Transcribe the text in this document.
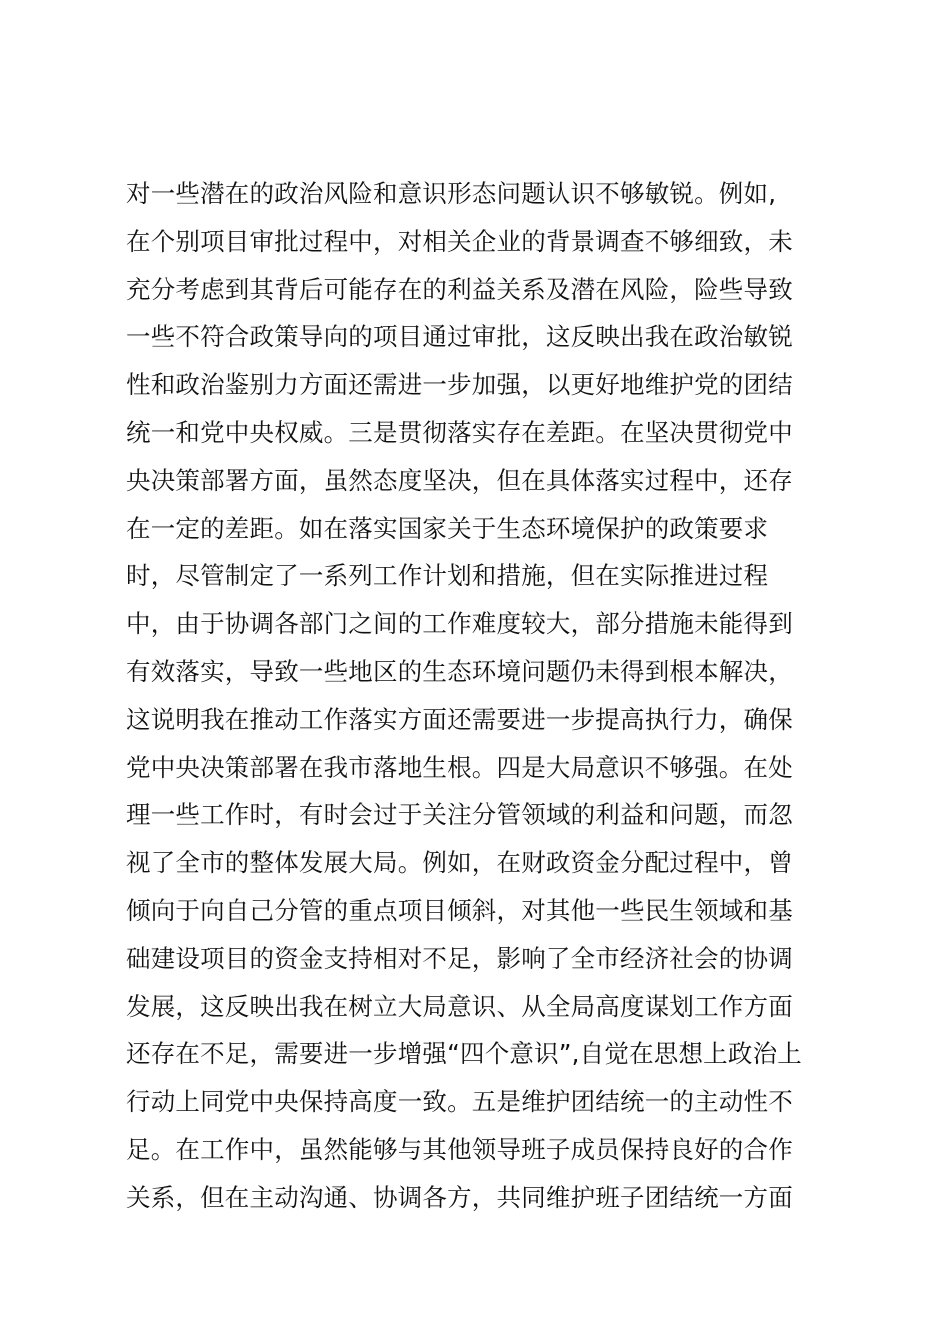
对一些潜在的政治风险和意识形态问题认识不够敏锐。例如,
在个别项目审批过程中，对相关企业的背景调查不够细致，未
充分考虑到其背后可能存在的利益关系及潜在风险，险些导致
一些不符合政策导向的项目通过审批，这反映出我在政治敏锐
性和政治鉴别力方面还需进一步加强，以更好地维护党的团结
统一和党中央权威。三是贯彻落实存在差距。在坚决贯彻党中
央决策部署方面，虽然态度坚决，但在具体落实过程中，还存
在一定的差距。如在落实国家关于生态环境保护的政策要求
时，尽管制定了一系列工作计划和措施，但在实际推进过程
中，由于协调各部门之间的工作难度较大，部分措施未能得到
有效落实，导致一些地区的生态环境问题仍未得到根本解决，
这说明我在推动工作落实方面还需要进一步提高执行力，确保
党中央决策部署在我市落地生根。四是大局意识不够强。在处
理一些工作时，有时会过于关注分管领域的利益和问题，而忽
视了全市的整体发展大局。例如，在财政资金分配过程中，曾
倾向于向自己分管的重点项目倾斜，对其他一些民生领域和基
础建设项目的资金支持相对不足，影响了全市经济社会的协调
发展，这反映出我在树立大局意识、从全局高度谋划工作方面
还存在不足，需要进一步增强“四个意识”,自觉在思想上政治上
行动上同党中央保持高度一致。五是维护团结统一的主动性不
足。在工作中，虽然能够与其他领导班子成员保持良好的合作
关系，但在主动沟通、协调各方，共同维护班子团结统一方面
